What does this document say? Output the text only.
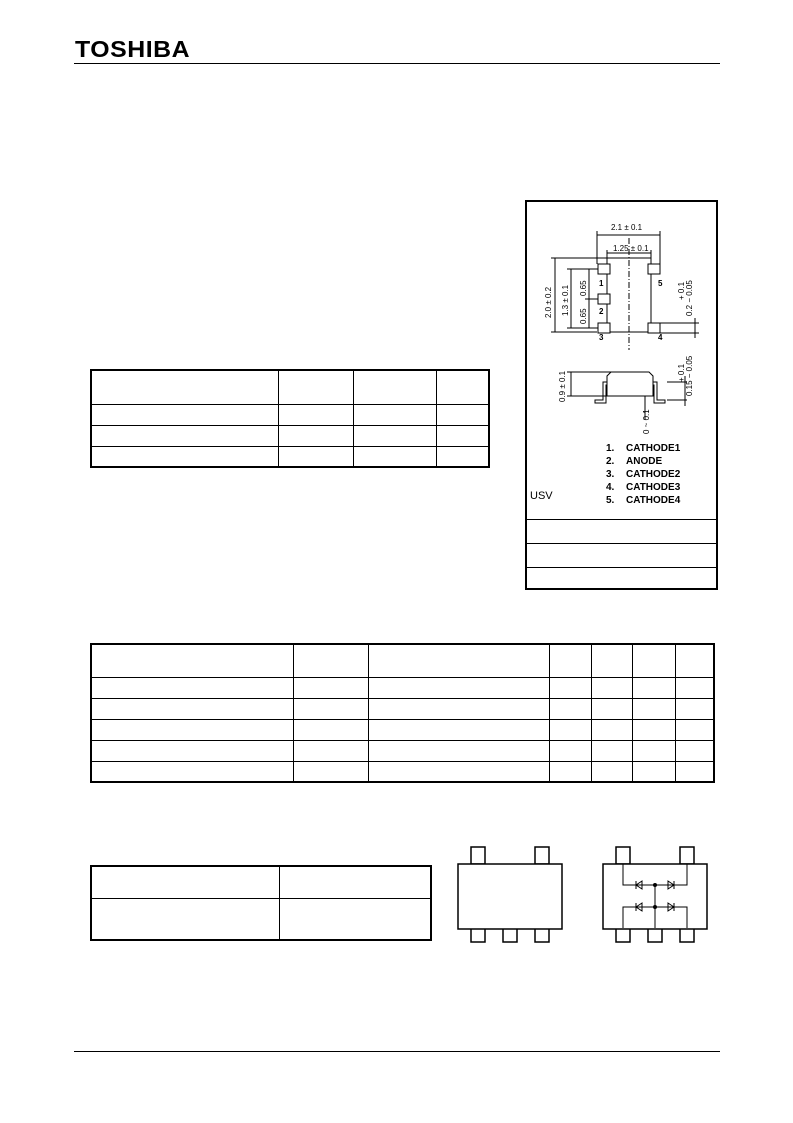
TOSHIBA

1
2
3
5
4
2.1 ± 0.1
1.25 ± 0.1
2.0 ± 0.2 1.3 ± 0.1 0.65
0.65
+ 0.1 0.2 − 0.05
0.9 ± 0.1
0 ~ 0.1
+ 0.1 0.15 − 0.05
1. CATHODE1
2. ANODE
3. CATHODE2
4. CATHODE3
5. CATHODE4
USV
